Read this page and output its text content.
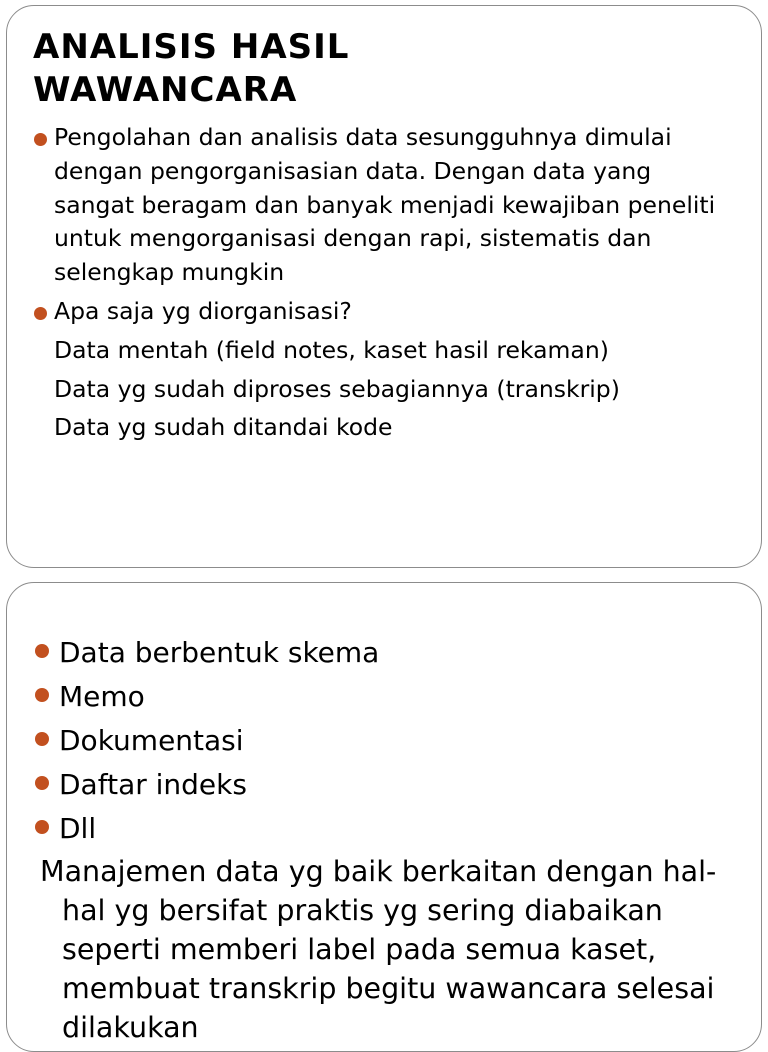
ANALISIS HASIL WAWANCARA
Pengolahan dan analisis data sesungguhnya dimulai dengan pengorganisasian data. Dengan data yang sangat beragam dan banyak menjadi kewajiban peneliti untuk mengorganisasi dengan rapi, sistematis dan selengkap mungkin
Apa saja yg diorganisasi?
Data mentah (field notes, kaset hasil rekaman)
Data yg sudah diproses sebagiannya (transkrip)
Data yg sudah ditandai kode
Data berbentuk skema
Memo
Dokumentasi
Daftar indeks
Dll

Manajemen data yg baik berkaitan dengan hal-hal yg bersifat praktis yg sering diabaikan seperti memberi label pada semua kaset, membuat transkrip begitu wawancara selesai dilakukan
